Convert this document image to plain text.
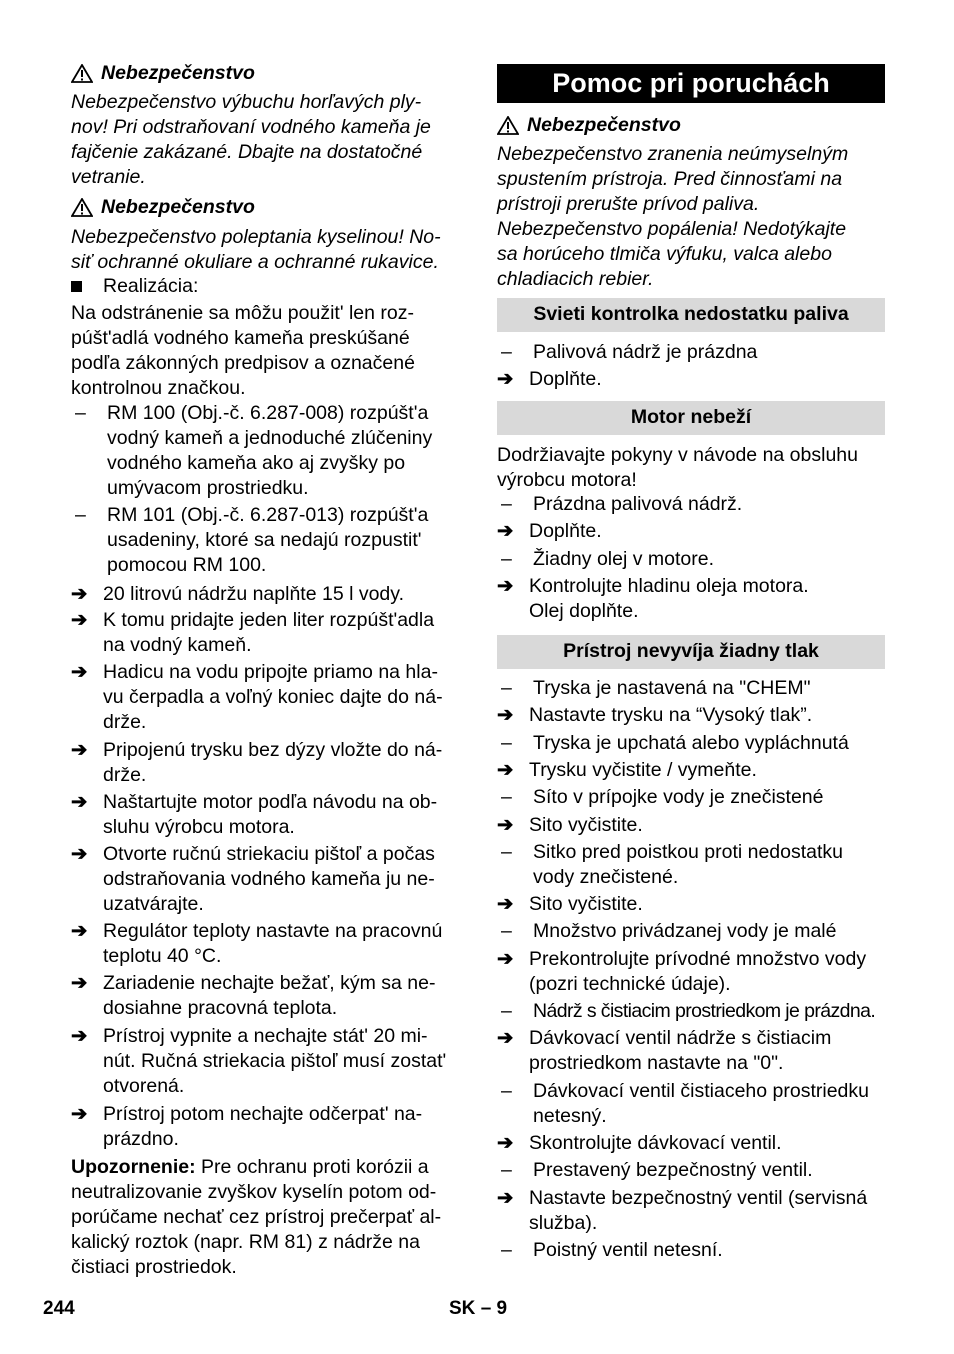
Nebezpečenstvo
Nebezpečenstvo výbuchu horľavých ply-
nov! Pri odstraňovaní vodného kameňa je
fajčenie zakázané. Dbajte na dostatočné
vetranie.
Nebezpečenstvo
Nebezpečenstvo poleptania kyselinou! No-
siť ochranné okuliare a ochranné rukavice.
Realizácia:
Na odstránenie sa môžu použit' len roz-
púšt'adlá vodného kameňa preskúšané
podľa zákonných predpisov a označené
kontrolnou značkou.
–	RM 100 (Obj.-č. 6.287-008) rozpúšt'a
vodný kameň a jednoduché zlúčeniny
vodného kameňa ako aj zvyšky po
umývacom prostriedku.
–	RM 101 (Obj.-č. 6.287-013) rozpúšt'a
usadeniny, ktoré sa nedajú rozpustit'
pomocou RM 100.
➔ 20 litrovú nádržu naplňte 15 l vody.
➔ K tomu pridajte jeden liter rozpúšt'adla
na vodný kameň.
➔ Hadicu na vodu pripojte priamo na hla-
vu čerpadla a voľný koniec dajte do ná-
drže.
➔ Pripojenú trysku bez dýzy vložte do ná-
drže.
➔ Naštartujte motor podľa návodu na ob-
sluhu výrobcu motora.
➔ Otvorte ručnú striekaciu pištoľ a počas
odstraňovania vodného kameňa ju ne-
uzatvárajte.
➔ Regulátor teploty nastavte na pracovnú
teplotu 40 °C.
➔ Zariadenie nechajte bežať, kým sa ne-
dosiahne pracovná teplota.
➔ Prístroj vypnite a nechajte stát' 20 mi-
nút. Ručná striekacia pištoľ musí zostat'
otvorená.
➔ Prístroj potom nechajte odčerpat' na-
prázdno.
Upozornenie: Pre ochranu proti korózii a
neutralizovanie zvyškov kyselín potom od-
porúčame nechať cez prístroj prečerpať al-
kalický roztok (napr. RM 81) z nádrže na
čistiaci prostriedok.
Pomoc pri poruchách
Nebezpečenstvo
Nebezpečenstvo zranenia neúmyselným
spustením prístroja. Pred činnosťami na
prístroji prerušte prívod paliva.
Nebezpečenstvo popálenia! Nedotýkajte
sa horúceho tlmiča výfuku, valca alebo
chladiacich rebier.
Svieti kontrolka nedostatku paliva
–	Palivová nádrž je prázdna
➔ Doplňte.
Motor nebeží
Dodržiavajte pokyny v návode na obsluhu
výrobcu motora!
–	Prázdna palivová nádrž.
➔ Doplňte.
–	Žiadny olej v motore.
➔ Kontrolujte hladinu oleja motora.
Olej doplňte.
Prístroj nevyvíja žiadny tlak
–	Tryska je nastavená na "CHEM"
➔ Nastavte trysku na “Vysoký tlak”.
–	Tryska je upchatá alebo vypláchnutá
➔ Trysku vyčistite / vymeňte.
–	Síto v prípojke vody je znečistené
➔ Sito vyčistite.
–	Sitko pred poistkou proti nedostatku
vody znečistené.
➔ Sito vyčistite.
–	Množstvo privádzanej vody je malé
➔ Prekontrolujte prívodné množstvo vody
(pozri technické údaje).
–	Nádrž s čistiacim prostriedkom je prázdna.
➔ Dávkovací ventil nádrže s čistiacim
prostriedkom nastavte na "0".
–	Dávkovací ventil čistiaceho prostriedku
netesný.
➔ Skontrolujte dávkovací ventil.
–	Prestavený bezpečnostný ventil.
➔ Nastavte bezpečnostný ventil (servisná
služba).
–	Poistný ventil netesní.
244	SK – 9
